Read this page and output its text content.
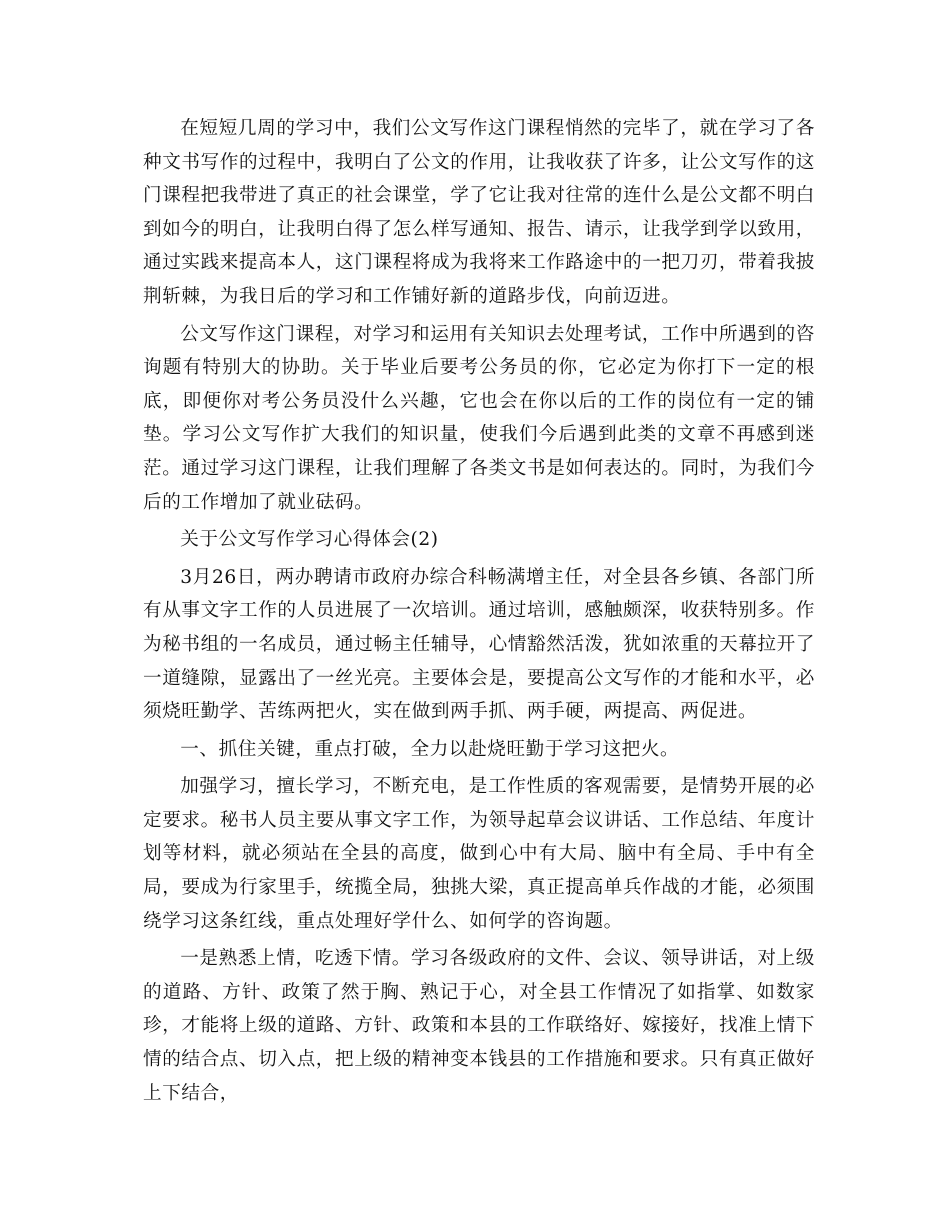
在短短几周的学习中，我们公文写作这门课程悄然的完毕了，就在学习了各种文书写作的过程中，我明白了公文的作用，让我收获了许多，让公文写作的这门课程把我带进了真正的社会课堂，学了它让我对往常的连什么是公文都不明白到如今的明白，让我明白得了怎么样写通知、报告、请示，让我学到学以致用，通过实践来提高本人，这门课程将成为我将来工作路途中的一把刀刃，带着我披荆斩棘，为我日后的学习和工作铺好新的道路步伐，向前迈进。

公文写作这门课程，对学习和运用有关知识去处理考试，工作中所遇到的咨询题有特别大的协助。关于毕业后要考公务员的你，它必定为你打下一定的根底，即便你对考公务员没什么兴趣，它也会在你以后的工作的岗位有一定的铺垫。学习公文写作扩大我们的知识量，使我们今后遇到此类的文章不再感到迷茫。通过学习这门课程，让我们理解了各类文书是如何表达的。同时，为我们今后的工作增加了就业砝码。

关于公文写作学习心得体会(2)

3月26日，两办聘请市政府办综合科畅满增主任，对全县各乡镇、各部门所有从事文字工作的人员进展了一次培训。通过培训，感触颇深，收获特别多。作为秘书组的一名成员，通过畅主任辅导，心情豁然活泼，犹如浓重的天幕拉开了一道缝隙，显露出了一丝光亮。主要体会是，要提高公文写作的才能和水平，必须烧旺勤学、苦练两把火，实在做到两手抓、两手硬，两提高、两促进。

一、抓住关键，重点打破，全力以赴烧旺勤于学习这把火。

加强学习，擅长学习，不断充电，是工作性质的客观需要，是情势开展的必定要求。秘书人员主要从事文字工作，为领导起草会议讲话、工作总结、年度计划等材料，就必须站在全县的高度，做到心中有大局、脑中有全局、手中有全局，要成为行家里手，统揽全局，独挑大梁，真正提高单兵作战的才能，必须围绕学习这条红线，重点处理好学什么、如何学的咨询题。

一是熟悉上情，吃透下情。学习各级政府的文件、会议、领导讲话，对上级的道路、方针、政策了然于胸、熟记于心，对全县工作情况了如指掌、如数家珍，才能将上级的道路、方针、政策和本县的工作联络好、嫁接好，找准上情下情的结合点、切入点，把上级的精神变本钱县的工作措施和要求。只有真正做好上下结合，
